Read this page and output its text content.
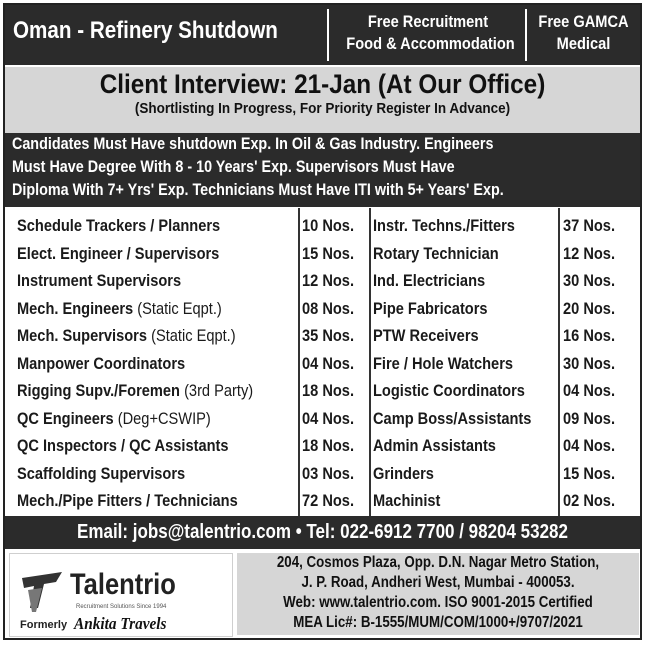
Oman - Refinery Shutdown	Free Recruitment
Food & Accommodation
Free GAMCA
Medical
Client Interview: 21-Jan (At Our Office)
(Shortlisting In Progress, For Priority Register In Advance)
Candidates Must Have shutdown Exp. In Oil & Gas Industry. Engineers
Must Have Degree With 8 - 10 Years' Exp. Supervisors Must Have
Diploma With 7+ Yrs' Exp. Technicians Must Have ITI with 5+ Years' Exp.
Schedule Trackers / Planners	10 Nos.	Instr. Techns./Fitters	37 Nos.
Elect. Engineer / Supervisors	15 Nos.	Rotary Technician	12 Nos.
Instrument Supervisors	12 Nos.	Ind. Electricians	30 Nos.
Mech. Engineers (Static Eqpt.)	08 Nos.	Pipe Fabricators	20 Nos.
Mech. Supervisors (Static Eqpt.)	35 Nos.	PTW Receivers	16 Nos.
Manpower Coordinators	04 Nos.	Fire / Hole Watchers	30 Nos.
Rigging Supv./Foremen (3rd Party)	18 Nos.	Logistic Coordinators	04 Nos.
QC Engineers (Deg+CSWIP)	04 Nos.	Camp Boss/Assistants	09 Nos.
QC Inspectors / QC Assistants	18 Nos.	Admin Assistants	04 Nos.
Scaffolding Supervisors	03 Nos.	Grinders	15 Nos.
Mech./Pipe Fitters / Technicians	72 Nos.	Machinist	02 Nos.
Email: jobs@talentrio.com • Tel: 022-6912 7700 / 98204 53282
Talentrio
Recruitment Solutions Since 1994
Formerly Ankita Travels
204, Cosmos Plaza, Opp. D.N. Nagar Metro Station,
J. P. Road, Andheri West, Mumbai - 400053.
Web: www.talentrio.com. ISO 9001-2015 Certified
MEA Lic#: B-1555/MUM/COM/1000+/9707/2021
